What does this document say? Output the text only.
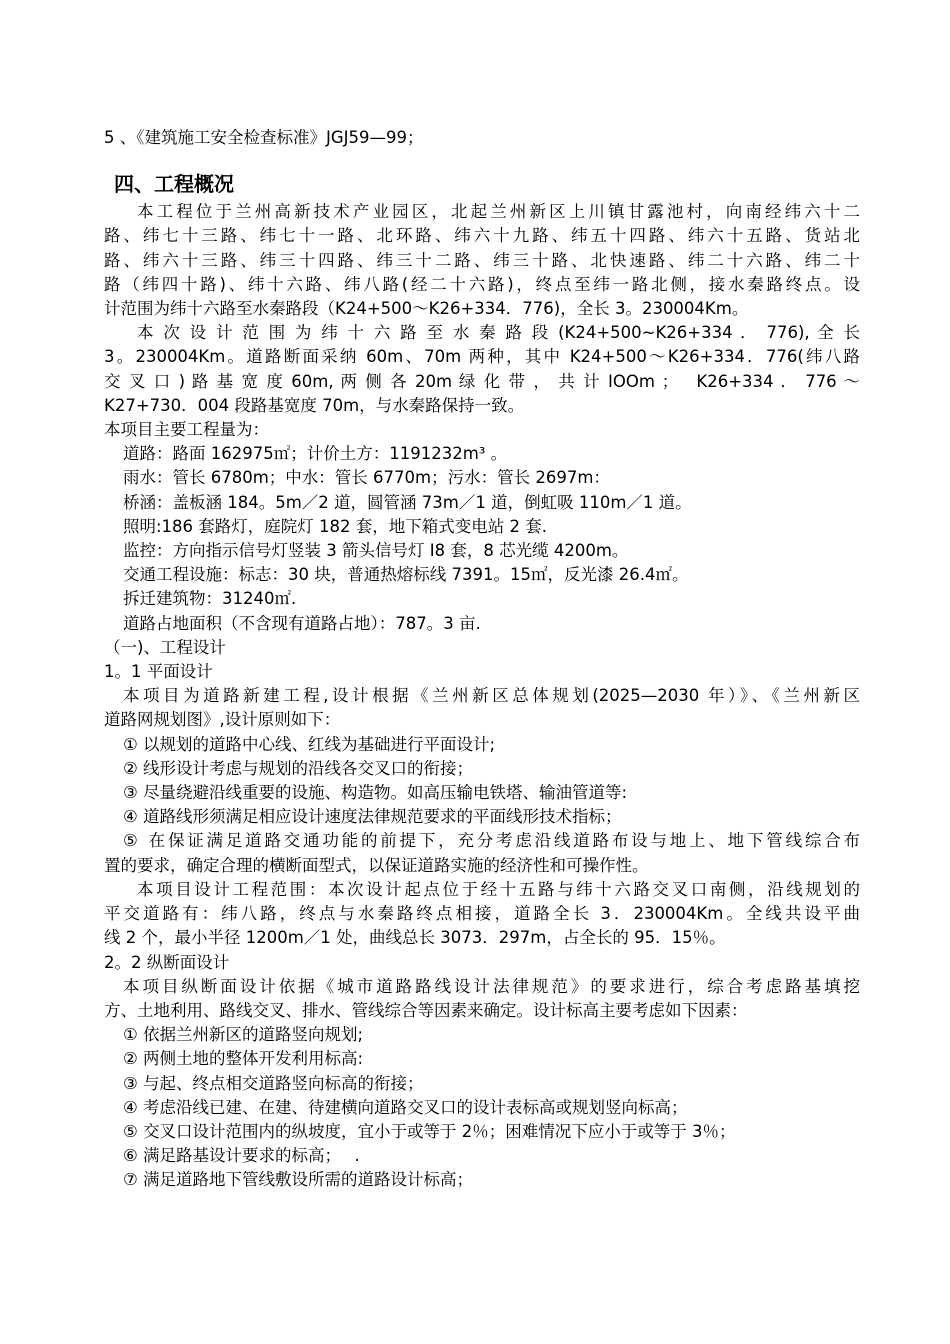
5 、《建筑施工安全检查标准》JGJ59—99；

四、工程概况

本工程位于兰州高新技术产业园区，北起兰州新区上川镇甘露池村，向南经纬六十二

路、纬七十三路、纬七十一路、北环路、纬六十九路、纬五十四路、纬六十五路、货站北

路、纬六十三路、纬三十四路、纬三十二路、纬三十路、北快速路、纬二十六路、纬二十

路（纬四十路)、纬十六路、纬八路(经二十六路)，终点至纬一路北侧，接水秦路终点。设

计范围为纬十六路至水秦路段（K24+500～K26+334．776)，全长 3。230004Km。

本 次 设 计 范 围 为 纬 十 六 路 至 水 秦 路 段 (K24+500~K26+334 ． 776), 全 长

3。230004Km。道路断面采纳 60m、70m 两种，其中 K24+500～K26+334．776(纬八路

交 叉 口 ) 路 基 宽 度 60m, 两 侧 各 20m 绿 化 带 ， 共 计 IOOm ；　 K26+334 ． 776 ～

K27+730．004 段路基宽度 70m，与水秦路保持一致。

本项目主要工程量为：

道路：路面 162975㎡；计价土方：1191232m³ 。

雨水：管长 6780m；中水：管长 6770m；污水：管长 2697m：

桥涵：盖板涵 184。5m／2 道，圆管涵 73m／1 道，倒虹吸 110m／1 道。

照明:186 套路灯，庭院灯 182 套，地下箱式变电站 2 套.

监控：方向指示信号灯竖装 3 箭头信号灯 I8 套，8 芯光缆 4200m。

交通工程设施：标志：30 块，普通热熔标线 7391。15㎡，反光漆 26.4㎡。

拆迁建筑物：31240㎡.

道路占地面积（不含现有道路占地）：787。3 亩.

（一)、工程设计

1。1 平面设计

本项目为道路新建工程,设计根据《兰州新区总体规划(2025—2030 年）》、《兰州新区

道路网规划图》,设计原则如下：

① 以规划的道路中心线、红线为基础进行平面设计;

② 线形设计考虑与规划的沿线各交叉口的衔接；

③ 尽量绕避沿线重要的设施、构造物。如高压输电铁塔、输油管道等:

④ 道路线形须满足相应设计速度法律规范要求的平面线形技术指标；

⑤ 在保证满足道路交通功能的前提下，充分考虑沿线道路布设与地上、地下管线综合布

置的要求，确定合理的横断面型式，以保证道路实施的经济性和可操作性。

本项目设计工程范围：本次设计起点位于经十五路与纬十六路交叉口南侧，沿线规划的

平交道路有：纬八路，终点与水秦路终点相接，道路全长 3．230004Km。全线共设平曲

线 2 个，最小半径 1200m／1 处，曲线总长 3073．297m，占全长的 95．15％。

2。2 纵断面设计

本项目纵断面设计依据《城市道路路线设计法律规范》的要求进行，综合考虑路基填挖

方、土地利用、路线交叉、排水、管线综合等因素来确定。设计标高主要考虑如下因素：

① 依据兰州新区的道路竖向规划;

② 两侧土地的整体开发利用标高:

③ 与起、终点相交道路竖向标高的衔接；

④ 考虑沿线已建、在建、待建横向道路交叉口的设计表标高或规划竖向标高；

⑤ 交叉口设计范围内的纵坡度，宜小于或等于 2％；困难情况下应小于或等于 3％；

⑥ 满足路基设计要求的标高；　 .

⑦ 满足道路地下管线敷设所需的道路设计标高；
